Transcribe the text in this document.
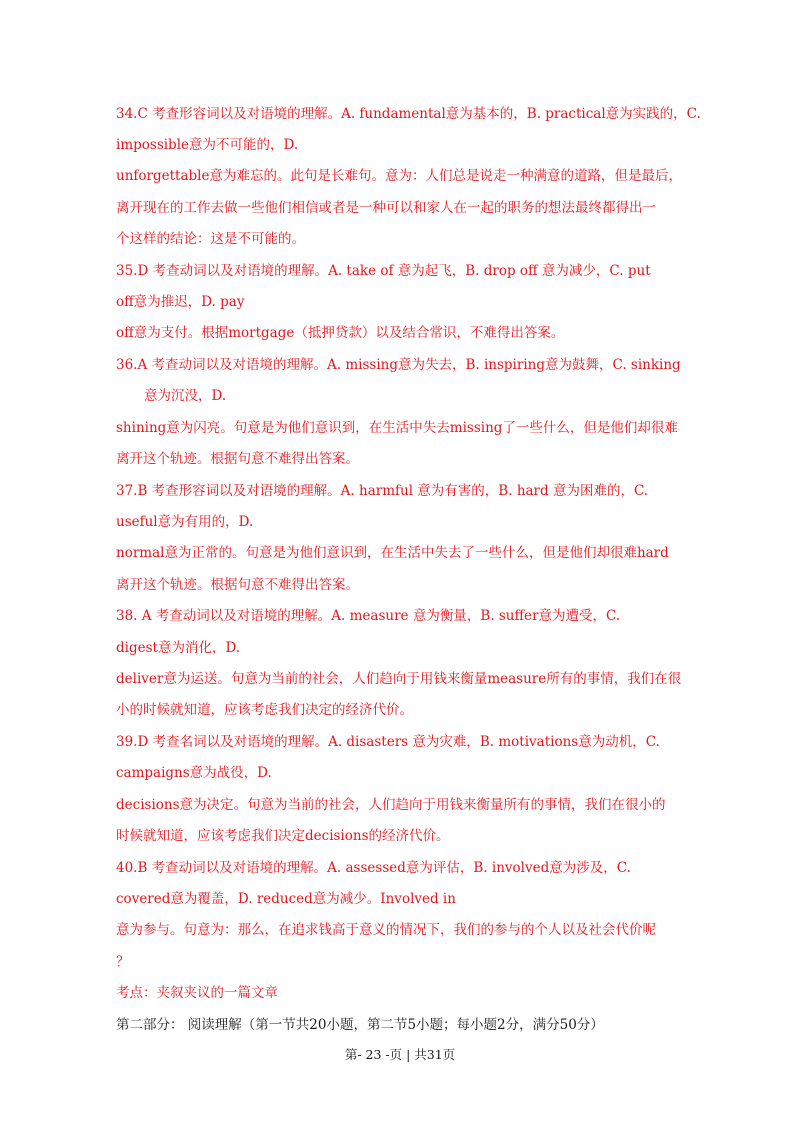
34.C 考查形容词以及对语境的理解。A. fundamental意为基本的，B. practical意为实践的，C.

impossible意为不可能的，D.

unforgettable意为难忘的。此句是长难句。意为：人们总是说走一种满意的道路，但是最后，

离开现在的工作去做一些他们相信或者是一种可以和家人在一起的职务的想法最终都得出一

个这样的结论：这是不可能的。

35.D 考查动词以及对语境的理解。A. take of 意为起飞，B. drop off 意为减少，C. put

off意为推迟，D. pay

off意为支付。根据mortgage（抵押贷款）以及结合常识，不难得出答案。

36.A 考查动词以及对语境的理解。A. missing意为失去，B. inspiring意为鼓舞，C. sinking

意为沉没，D.

shining意为闪亮。句意是为他们意识到，在生活中失去missing了一些什么，但是他们却很难

离开这个轨迹。根据句意不难得出答案。

37.B 考查形容词以及对语境的理解。A. harmful 意为有害的，B. hard 意为困难的，C.

useful意为有用的，D.

normal意为正常的。句意是为他们意识到，在生活中失去了一些什么，但是他们却很难hard

离开这个轨迹。根据句意不难得出答案。

38. A 考查动词以及对语境的理解。A. measure 意为衡量，B. suffer意为遭受，C.

digest意为消化，D.

deliver意为运送。句意为当前的社会，人们趋向于用钱来衡量measure所有的事情，我们在很

小的时候就知道，应该考虑我们决定的经济代价。

39.D 考查名词以及对语境的理解。A. disasters 意为灾难，B. motivations意为动机，C.

campaigns意为战役，D.

decisions意为决定。句意为当前的社会，人们趋向于用钱来衡量所有的事情，我们在很小的

时候就知道，应该考虑我们决定decisions的经济代价。

40.B 考查动词以及对语境的理解。A. assessed意为评估，B. involved意为涉及，C.

covered意为覆盖，D. reduced意为减少。Involved in

意为参与。句意为：那么，在追求钱高于意义的情况下，我们的参与的个人以及社会代价呢

？

考点：夹叙夹议的一篇文章

第二部分： 阅读理解（第一节共20小题，第二节5小题；每小题2分，满分50分）

第- 23 -页 | 共31页
